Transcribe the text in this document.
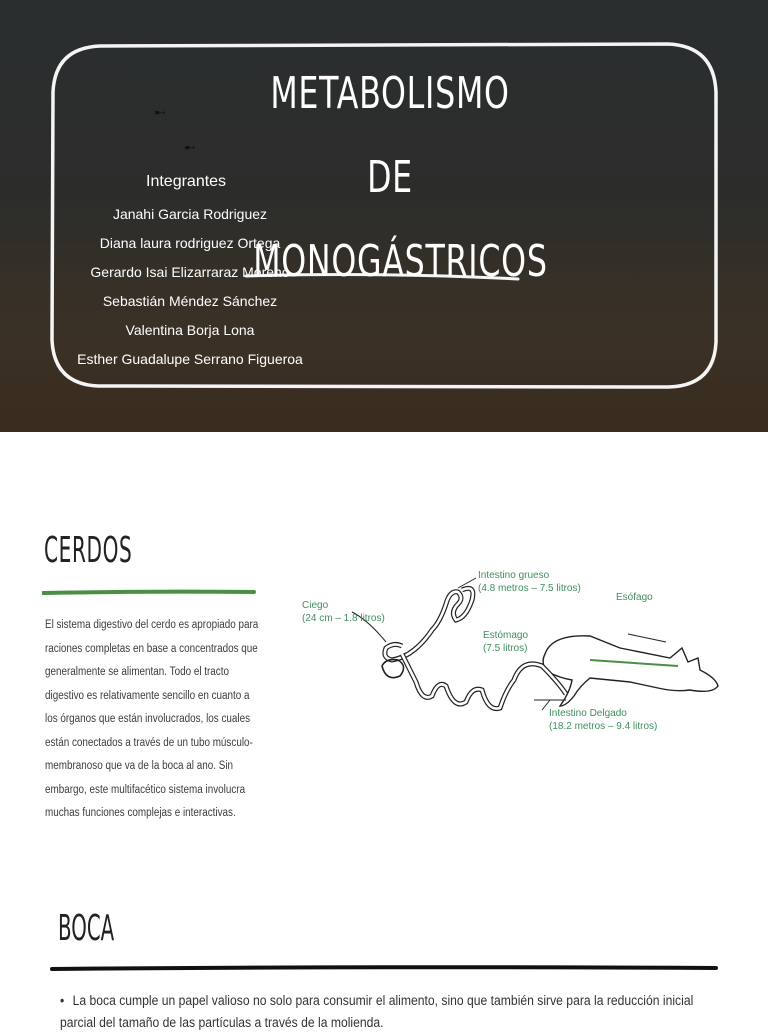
➸
➸
METABOLISMO DE
MONOGÁSTRICOS
Integrantes
Janahi Garcia Rodriguez
Diana laura rodriguez Ortega
Gerardo Isai Elizarraraz Moreno
Sebastián Méndez Sánchez
Valentina Borja Lona
Esther Guadalupe Serrano Figueroa
CERDOS
El sistema digestivo del cerdo es apropiado para raciones completas en base a concentrados que generalmente se alimentan. Todo el tracto digestivo es relativamente sencillo en cuanto a los órganos que están involucrados, los cuales están conectados a través de un tubo músculo-membranoso que va de la boca al ano. Sin embargo, este multifacético sistema involucra muchas funciones complejas e interactivas.
Intestino grueso
(4.8 metros – 7.5 litros)
Esófago
Ciego
(24 cm – 1.8 litros)
Estómago
(7.5 litros)
Intestino Delgado
(18.2 metros – 9.4 litros)
BOCA
• La boca cumple un papel valioso no solo para consumir el alimento, sino que también sirve para la reducción inicial parcial del tamaño de las partículas a través de la molienda.
